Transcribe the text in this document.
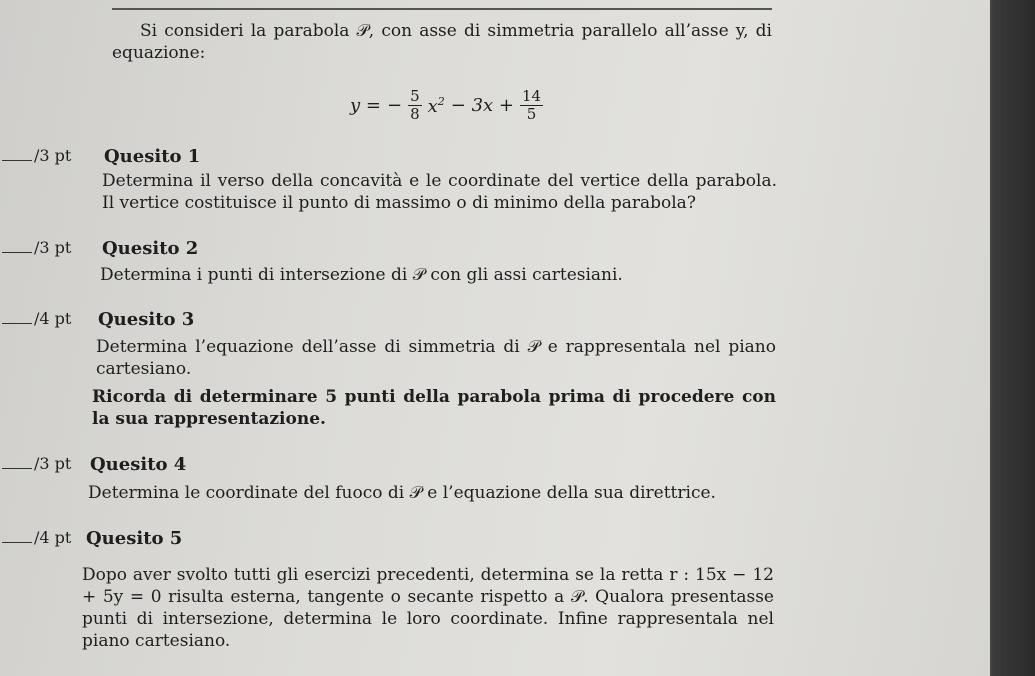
Si consideri la parabola 𝒫, con asse di simmetria parallelo all’asse y, di equazione:

y = − $\frac{5}{8} x^2 - 3x + \frac{14}{5}$
/3 pt Quesito 1

Determina il verso della concavità e le coordinate del vertice della parabola. Il vertice costituisce il punto di massimo o di minimo della parabola?

/3 pt Quesito 2

Determina i punti di intersezione di 𝒫 con gli assi cartesiani.

/4 pt Quesito 3

Determina l’equazione dell’asse di simmetria di 𝒫 e rappresentala nel piano cartesiano.

Ricorda di determinare 5 punti della parabola prima di procedere con la sua rappresentazione.

/3 pt Quesito 4

Determina le coordinate del fuoco di 𝒫 e l’equazione della sua direttrice.

/4 pt Quesito 5

Dopo aver svolto tutti gli esercizi precedenti, determina se la retta r : 15x − 12 + 5y = 0 risulta esterna, tangente o secante rispetto a 𝒫. Qualora presentasse punti di intersezione, determina le loro coordinate. Infine rappresentala nel piano cartesiano.
